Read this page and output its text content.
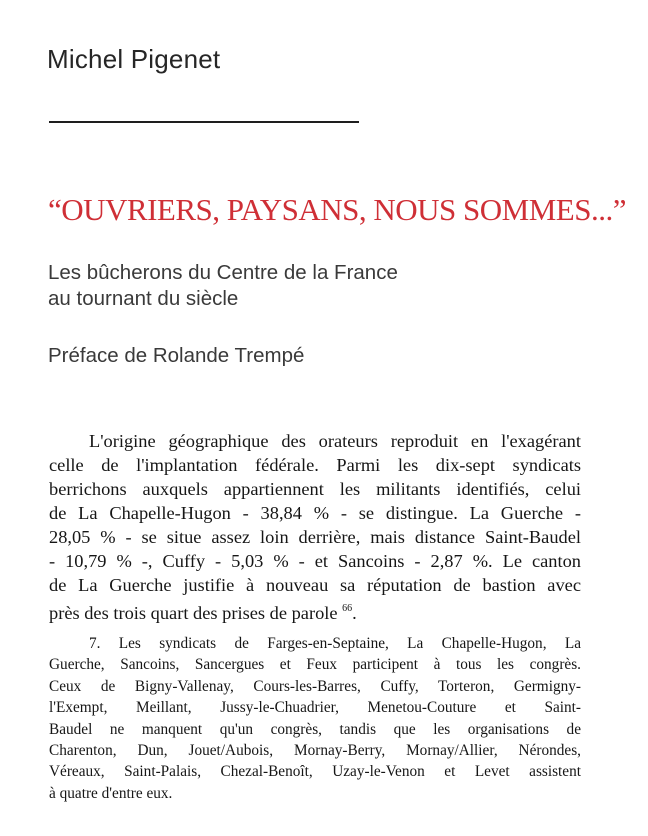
Michel Pigenet
“OUVRIERS, PAYSANS, NOUS SOMMES...”
Les bûcherons du Centre de la France
au tournant du siècle
Préface de Rolande Trempé
L'origine géographique des orateurs reproduit en l'exagérant
celle de l'implantation fédérale. Parmi les dix-sept syndicats
berrichons auxquels appartiennent les militants identifiés, celui
de La Chapelle-Hugon - 38,84 % - se distingue. La Guerche -
28,05 % - se situe assez loin derrière, mais distance Saint-Baudel
- 10,79 % -, Cuffy - 5,03 % - et Sancoins - 2,87 %. Le canton
de La Guerche justifie à nouveau sa réputation de bastion avec
près des trois quart des prises de parole $^{66}$.
7. Les syndicats de Farges-en-Septaine, La Chapelle-Hugon, La
Guerche, Sancoins, Sancergues et Feux participent à tous les congrès.
Ceux de Bigny-Vallenay, Cours-les-Barres, Cuffy, Torteron, Germigny-
l'Exempt, Meillant, Jussy-le-Chuadrier, Menetou-Couture et Saint-
Baudel ne manquent qu'un congrès, tandis que les organisations de
Charenton, Dun, Jouet/Aubois, Mornay-Berry, Mornay/Allier, Nérondes,
Véreaux, Saint-Palais, Chezal-Benoît, Uzay-le-Venon et Levet assistent
à quatre d'entre eux.
